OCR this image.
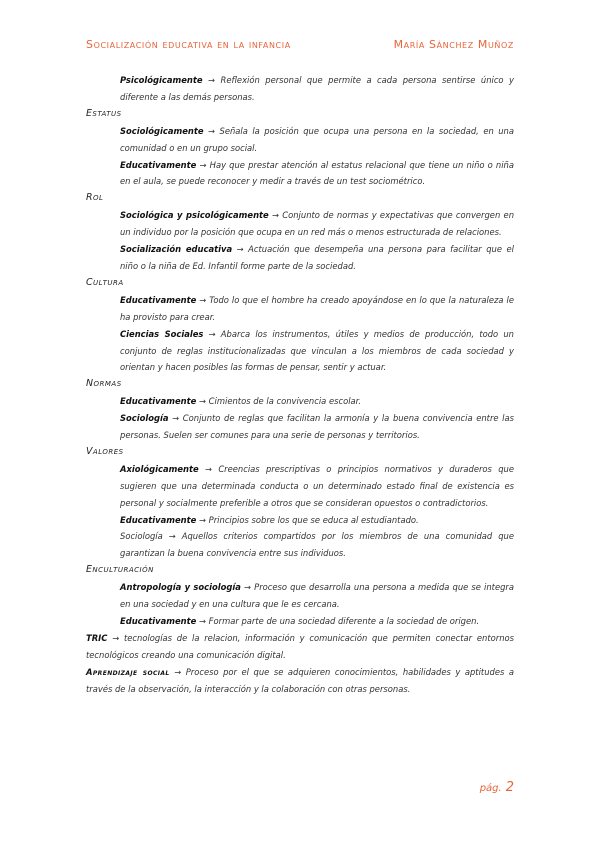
Socialización educativa en la infancia	María Sánchez Muñoz

Psicológicamente → Reflexión personal que permite a cada persona sentirse único y diferente a las demás personas.

Estatus

Sociológicamente → Señala la posición que ocupa una persona en la sociedad, en una comunidad o en un grupo social.

Educativamente → Hay que prestar atención al estatus relacional que tiene un niño o niña en el aula, se puede reconocer y medir a través de un test sociométrico.

Rol

Sociológica y psicológicamente → Conjunto de normas y expectativas que convergen en un individuo por la posición que ocupa en un red más o menos estructurada de relaciones.

Socialización educativa → Actuación que desempeña una persona para facilitar que el niño o la niña de Ed. Infantil forme parte de la sociedad.

Cultura

Educativamente → Todo lo que el hombre ha creado apoyándose en lo que la naturaleza le ha provisto para crear.

Ciencias Sociales → Abarca los instrumentos, útiles y medios de producción, todo un conjunto de reglas institucionalizadas que vinculan a los miembros de cada sociedad y orientan y hacen posibles las formas de pensar, sentir y actuar.

Normas

Educativamente → Cimientos de la convivencia escolar.

Sociología → Conjunto de reglas que facilitan la armonía y la buena convivencia entre las personas. Suelen ser comunes para una serie de personas y territorios.

Valores

Axiológicamente → Creencias prescriptivas o principios normativos y duraderos que sugieren que una determinada conducta o un determinado estado final de existencia es personal y socialmente preferible a otros que se consideran opuestos o contradictorios.

Educativamente → Principios sobre los que se educa al estudiantado.

Sociología → Aquellos criterios compartidos por los miembros de una comunidad que garantizan la buena convivencia entre sus individuos.

Enculturación

Antropología y sociología → Proceso que desarrolla una persona a medida que se integra en una sociedad y en una cultura que le es cercana.

Educativamente → Formar parte de una sociedad diferente a la sociedad de origen.

TRIC → tecnologías de la relacion, información y comunicación que permiten conectar entornos tecnológicos creando una comunicación digital.

Aprendizaje social → Proceso por el que se adquieren conocimientos, habilidades y aptitudes a través de la observación, la interacción y la colaboración con otras personas.

pág. 2
